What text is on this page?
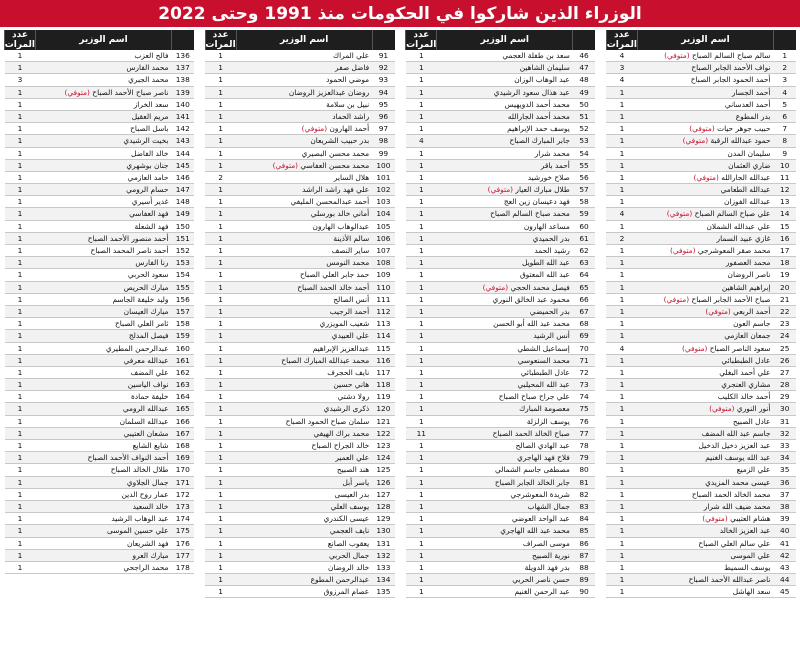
الوزراء الذين شاركوا في الحكومات منذ 1991 وحتى 2022
	اسم الوزير	عدد المرات
1	سالم صباح السالم الصباح (متوفي)	4
2	نواف الأحمد الجابر الصباح	3
3	أحمد الحمود الجابر الصباح	4
4	أحمد الجسار	1
5	أحمد العدساني	1
6	بدر المطوع	1
7	حبيب جوهر حيات (متوفي)	1
8	حمود عبدالله الرقبة (متوفي)	1
9	سليمان المدن	1
10	ضاري العثمان	1
11	عبدالله الجارالله (متوفي)	1
12	عبدالله الطعامي	1
13	عبدالله الفوزان	1
14	علي صباح السالم الصباح (متوفي)	4
15	علي عبدالله الشملان	1
16	غازي عبيد السمار	2
17	محمد صقر المعوشرجي (متوفي)	1
18	محمد العصفور	1
19	ناصر الروضان	1
20	إبراهيم الشاهين	1
21	صباح الأحمد الجابر الصباح (متوفي)	1
22	أحمد الربعي (متوفي)	1
23	جاسم العون	1
24	جمعان العازمي	1
25	سعود الناصر الصباح (متوفي)	4
26	عادل الطبطبائي	1
27	علي أحمد البغلي	1
28	مشاري العنجري	1
29	أحمد خالد الكليب	1
30	أنور النوري (متوفي)	1
31	عادل الصبيح	1
32	جاسم عبد الله المضف	1
33	عبد العزيز دخيل الدخيل	1
34	عبد الله يوسف الغنيم	1
35	علي الزميع	1
36	عيسى محمد المزيدي	1
37	محمد الخالد الحمد الصباح	1
38	محمد ضيف الله شرار	1
39	هشام العتيبي (متوفي)	1
40	عبد العزيز الخالد	1
41	علي سالم العلي الصباح	1
42	علي الموسى	1
43	يوسف السميط	1
44	ناصر عبدالله الأحمد الصباح	1
45	سعد الهاشل	1
	اسم الوزير	عدد المرات
46	سعد بن طفلة العجمي	1
47	سليمان الشاهين	1
48	عبد الوهاب الوزان	1
49	عبد هذال سعود الرشيدي	1
50	محمد أحمد الدويهيس	1
51	محمد أحمد الجارالله	1
52	يوسف حمد الإبراهيم	1
53	جابر المبارك الصباح	4
54	محمد شرار	1
55	أحمد باقر	1
56	صلاح خورشيد	1
57	طلال مبارك العيار (متوفي)	1
58	فهد دعيسان زين العج	1
59	محمد صباح السالم الصباح	1
60	مساعد الهارون	1
61	بدر الحميدي	1
62	رشيد الحمد	1
63	عبد الله الطويل	1
64	عبد الله المعتوق	1
65	فيصل محمد الحجي (متوفي)	1
66	محمود عبد الخالق النوري	1
67	بدر الحميضي	1
68	محمد عبد الله أبو الحسن	1
69	أنس الرشيد	1
70	إسماعيل الشطي	1
71	محمد السنعوسي	1
72	عادل الطبطبائي	1
73	عبد الله المحيلبي	1
74	علي جراح صباح الصباح	1
75	معصومة المبارك	1
76	يوسف الزلزلة	1
77	صباح الخالد الحمد الصباح	11
78	عبد الهادي الصالح	1
79	فلاح فهد الهاجري	1
80	مصطفى جاسم الشمالي	1
81	جابر الخالد الجابر الصباح	1
82	شريدة المعوشرجي	1
83	جمال الشهاب	1
84	عبد الواحد العوضي	1
85	محمد عبد الله الهاجري	1
86	موسى الصراف	1
87	نورية الصبيح	1
88	بدر فهد الدويلة	1
89	حسن ناصر الحربي	1
90	عبد الرحمن الغنيم	1
	اسم الوزير	عدد المرات
91	علي المراك	1
92	فاضل صفر	1
93	موضي الحمود	1
94	روضان عبدالعزيز الروضان	1
95	نبيل بن سلامة	1
96	راشد الحماد	1
97	أحمد الهارون (متوفي)	1
98	بدر حبيب الشريعان	1
99	محمد محسن البصيري	1
100	محمد محسن العفاسي (متوفي)	1
101	هلال الساير	2
102	علي فهد راشد الراشد	1
103	أحمد عبدالمحسن المليفي	1
104	أماني خالد بورسلي	1
105	عبدالوهاب الهارون	1
106	سالم الأذينة	1
107	ساير النصف	1
108	محمد النومس	1
109	حمد جابر العلي الصباح	1
110	أحمد خالد الحمد الصباح	1
111	أنس الصالح	1
112	أحمد الرجيب	1
113	شعيب المويزري	1
114	علي العبيدي	1
115	عبدالعزيز الإبراهيم	1
116	محمد عبدالله المبارك الصباح	1
117	نايف الحجرف	1
118	هاني حسين	1
119	رولا دشتي	1
120	ذكرى الرشيدي	1
121	سلمان صباح الحمود الصباح	1
122	محمد براك الهيفي	1
123	خالد الجراح الصباح	1
124	علي العمير	1
125	هند الصبيح	1
126	ياسر أبل	1
127	بدر العيسى	1
128	يوسف العلي	1
129	عيسى الكندري	1
130	نايف العجمي	1
131	يعقوب الصانع	1
132	جمال الحربي	1
133	خالد الروضان	1
134	عبدالرحمن المطوع	1
135	عصام المرزوق	1
	اسم الوزير	عدد المرات
136	فالح العزب	1
137	محمد الفارس	1
138	محمد الجبري	3
139	ناصر صباح الأحمد الصباح (متوفي)	1
140	سعد الخراز	1
141	مريم العقيل	1
142	باسل الصباح	1
143	بخيت الرشيدي	1
144	خالد الفاضل	1
145	جنان بوشهري	1
146	حامد العازمي	1
147	حسام الرومي	1
148	غدير أسيري	1
149	فهد العفاسي	1
150	فهد الشعلة	1
151	أحمد منصور الأحمد الصباح	1
152	أحمد ناصر المحمد الصباح	1
153	رنا الفارس	1
154	سعود الحربي	1
155	مبارك الحريص	1
156	وليد خليفة الجاسم	1
157	مبارك العيسان	1
158	ثامر العلي الصباح	1
159	فيصل المدلج	1
160	عبدالرحمن المطيري	1
161	عبدالله معرفي	1
162	علي المضف	1
163	نواف الياسين	1
164	خليفة حمادة	1
165	عبدالله الرومي	1
166	عبدالله السلمان	1
167	مشعان العتيبي	1
168	شايع الشايع	1
169	أحمد النواف الأحمد الصباح	1
170	طلال الخالد الصباح	1
171	جمال الجلاوي	1
172	عمار روح الدين	1
173	خالد السعيد	1
174	عبد الوهاب الرشيد	1
175	علي حسين الموسى	1
176	فهد الشريعان	1
177	مبارك العرو	1
178	محمد الراجحي	1
